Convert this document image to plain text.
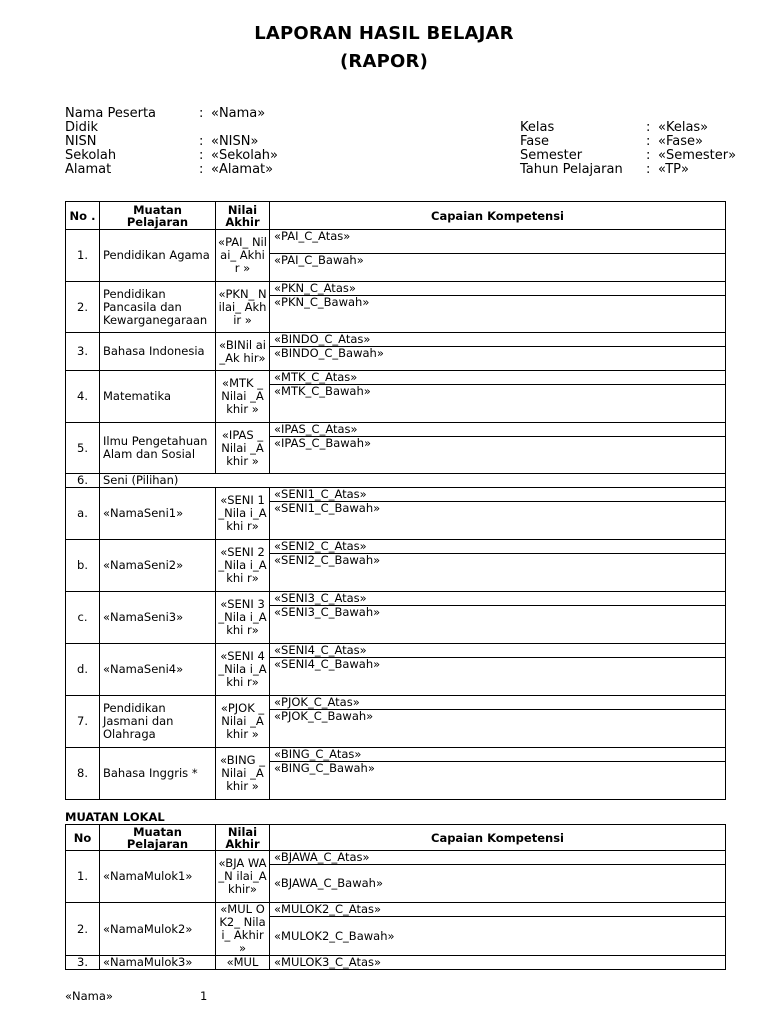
LAPORAN HASIL BELAJAR
(RAPOR)
Nama Peserta	: «Nama»
Didik
NISN	: «NISN»
Sekolah	: «Sekolah»
Alamat	: «Alamat»
Kelas	: «Kelas»
Fase	: «Fase»
Semester	: «Semester»
Tahun Pelajaran	: «TP»
No .	Muatan Pelajaran	Nilai Akhir	Capaian Kompetensi
1.	Pendidikan Agama	«PAI_ Nilai_ Akhir »	«PAI_C_Atas»
			«PAI_C_Bawah»
2.	Pendidikan Pancasila dan Kewarganegaraan	«PKN_ Nilai_ Akhir »	«PKN_C_Atas»
			«PKN_C_Bawah»
3.	Bahasa Indonesia	«BINil ai_Ak hir»	«BINDO_C_Atas»
			«BINDO_C_Bawah»
4.	Matematika	«MTK _Nilai _Akhir »	«MTK_C_Atas»
			«MTK_C_Bawah»
5.	Ilmu Pengetahuan Alam dan Sosial	«IPAS _Nilai _Akhir »	«IPAS_C_Atas»
			«IPAS_C_Bawah»
6.	Seni (Pilihan)		
a.	«NamaSeni1»	«SENI 1_Nila i_Akhi r»	«SENI1_C_Atas»
			«SENI1_C_Bawah»
b.	«NamaSeni2»	«SENI 2_Nila i_Akhi r»	«SENI2_C_Atas»
			«SENI2_C_Bawah»
c.	«NamaSeni3»	«SENI 3_Nila i_Akhi r»	«SENI3_C_Atas»
			«SENI3_C_Bawah»
d.	«NamaSeni4»	«SENI 4_Nila i_Akhi r»	«SENI4_C_Atas»
			«SENI4_C_Bawah»
7.	Pendidikan Jasmani dan Olahraga	«PJOK _Nilai _Akhir »	«PJOK_C_Atas»
			«PJOK_C_Bawah»
8.	Bahasa Inggris *	«BING _Nilai _Akhir »	«BING_C_Atas»
			«BING_C_Bawah»
MUATAN LOKAL
No	Muatan Pelajaran	Nilai Akhir	Capaian Kompetensi
1.	«NamaMulok1»	«BJA WA_N ilai_A khir»	«BJAWA_C_Atas»
			«BJAWA_C_Bawah»
2.	«NamaMulok2»	«MUL OK2_ Nilai_ Akhir »	«MULOK2_C_Atas»
			«MULOK2_C_Bawah»
3.	«NamaMulok3»	«MUL	«MULOK3_C_Atas»
«Nama»	1
